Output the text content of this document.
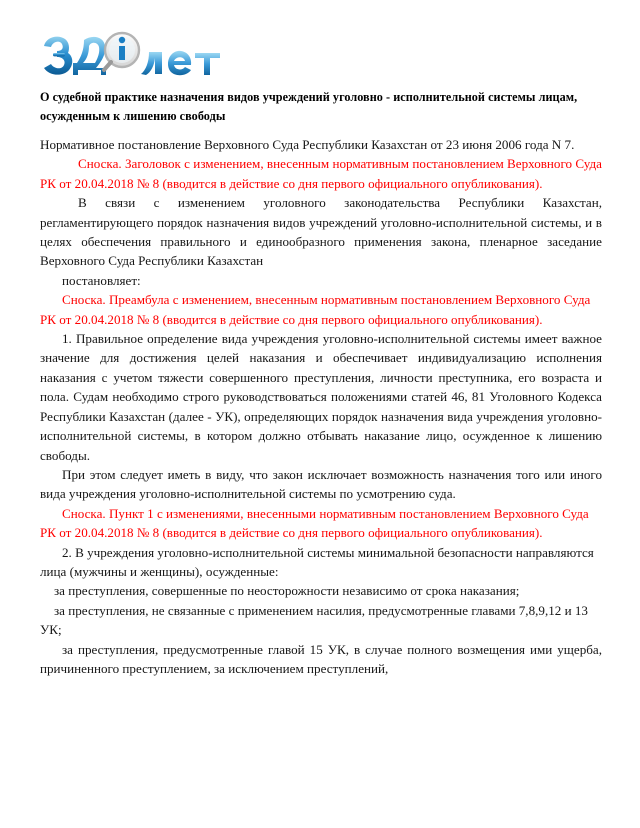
О судебной практике назначения видов учреждений уголовно - исполнительной системы лицам, осужденным к лишению свободы

Нормативное постановление Верховного Суда Республики Казахстан от 23 июня 2006 года N 7.

Сноска. Заголовок с изменением, внесенным нормативным постановлением Верховного Суда РК от 20.04.2018 № 8 (вводится в действие со дня первого официального опубликования).

В связи с изменением уголовного законодательства Республики Казахстан, регламентирующего порядок назначения видов учреждений уголовно-исполнительной системы, и в целях обеспечения правильного и единообразного применения закона, пленарное заседание Верховного Суда Республики Казахстан

постановляет:

Сноска. Преамбула с изменением, внесенным нормативным постановлением Верховного Суда РК от 20.04.2018 № 8 (вводится в действие со дня первого официального опубликования).

1. Правильное определение вида учреждения уголовно-исполнительной системы имеет важное значение для достижения целей наказания и обеспечивает индивидуализацию исполнения наказания с учетом тяжести совершенного преступления, личности преступника, его возраста и пола. Судам необходимо строго руководствоваться положениями статей 46, 81 Уголовного Кодекса Республики Казахстан (далее - УК), определяющих порядок назначения вида учреждения уголовно-исполнительной системы, в котором должно отбывать наказание лицо, осужденное к лишению свободы.

При этом следует иметь в виду, что закон исключает возможность назначения того или иного вида учреждения уголовно-исполнительной системы по усмотрению суда.

Сноска. Пункт 1 с изменениями, внесенными нормативным постановлением Верховного Суда РК от 20.04.2018 № 8 (вводится в действие со дня первого официального опубликования).

2. В учреждения уголовно-исполнительной системы минимальной безопасности направляются лица (мужчины и женщины), осужденные:

за преступления, совершенные по неосторожности независимо от срока наказания;

за преступления, не связанные с применением насилия, предусмотренные главами 7,8,9,12 и 13 УК;

за преступления, предусмотренные главой 15 УК, в случае полного возмещения ими ущерба, причиненного преступлением, за исключением преступлений,
